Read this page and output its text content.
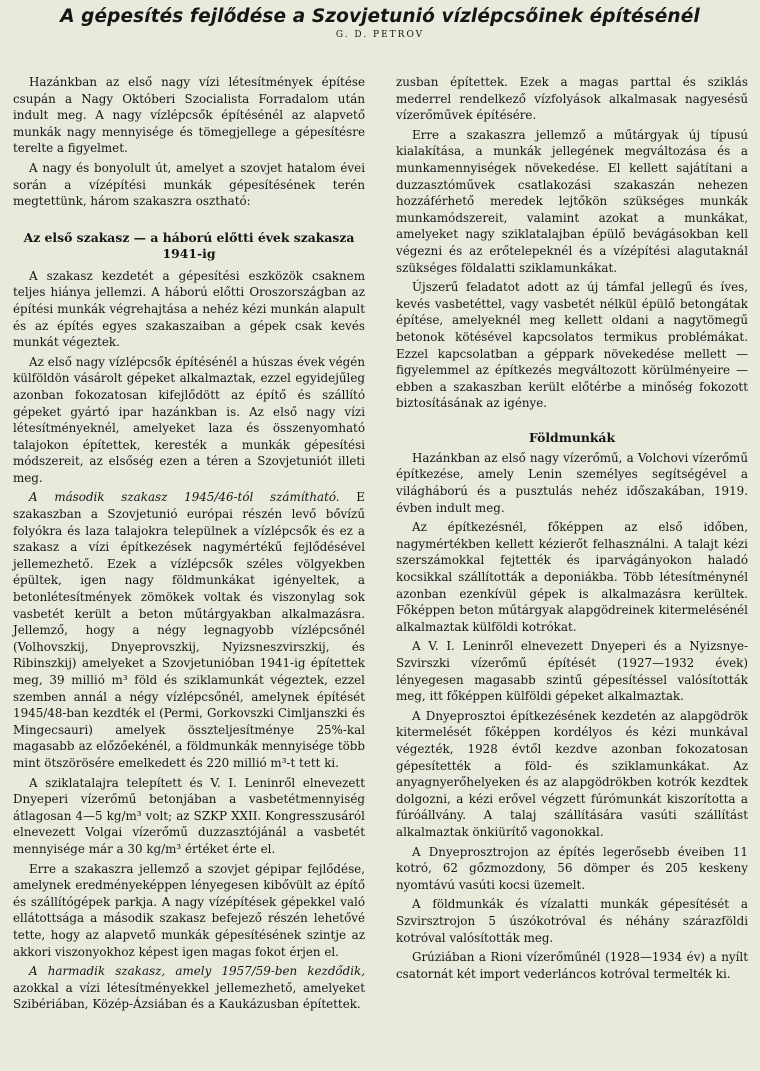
A gépesítés fejlődése a Szovjetunió vízlépcsőinek építésénél
G. D. PETROV

Hazánkban az első nagy vízi létesítmények építése csupán a Nagy Októberi Szocialista Forradalom után indult meg. A nagy vízlépcsők építésénél az alapvető munkák nagy mennyisége és tömegjellege a gépesítésre terelte a figyelmet.

A nagy és bonyolult út, amelyet a szovjet hatalom évei során a vízépítési munkák gépesítésének terén megtettünk, három szakaszra osztható:

Az első szakasz — a háború előtti évek szakasza 1941-ig

A szakasz kezdetét a gépesítési eszközök csaknem teljes hiánya jellemzi. A háború előtti Oroszországban az építési munkák végrehajtása a nehéz kézi munkán alapult és az építés egyes szakaszaiban a gépek csak kevés munkát végeztek.

Az első nagy vízlépcsők építésénél a húszas évek végén külföldön vásárolt gépeket alkalmaztak, ezzel egyidejűleg azonban fokozatosan kifejlődött az építő és szállító gépeket gyártó ipar hazánkban is. Az első nagy vízi létesítményeknél, amelyeket laza és összenyomható talajokon építettek, keresték a munkák gépesítési módszereit, az elsőség ezen a téren a Szovjetuniót illeti meg.

A második szakasz 1945/46-tól számítható. E szakaszban a Szovjetunió európai részén levő bővízű folyókra és laza talajokra települnek a vízlépcsők és ez a szakasz a vízi építkezések nagymértékű fejlődésével jellemezhető. Ezek a vízlépcsők széles völgyekben épültek, igen nagy földmunkákat igényeltek, a betonlétesítmények zömökek voltak és viszonylag sok vasbetét került a beton műtárgyakban alkalmazásra. Jellemző, hogy a négy legnagyobb vízlépcsőnél (Volhovszkij, Dnyeprovszkij, Nyizsneszvirszkij, és Ribinszkij) amelyeket a Szovjetunióban 1941-ig építettek meg, 39 millió m³ föld és sziklamunkát végeztek, ezzel szemben annál a négy vízlépcsőnél, amelynek építését 1945/48-ban kezdték el (Permi, Gorkovszki Cimljanszki és Mingecsauri) amelyek összteljesítménye 25%-kal magasabb az előzőekénél, a földmunkák mennyisége több mint ötszörösére emelkedett és 220 millió m³-t tett ki.

A sziklatalajra telepített és V. I. Leninről elnevezett Dnyeperi vízerőmű betonjában a vasbetétmennyiség átlagosan 4—5 kg/m³ volt; az SZKP XXII. Kongresszusáról elnevezett Volgai vízerőmű duzzasztójánál a vasbetét mennyisége már a 30 kg/m³ értéket érte el.

Erre a szakaszra jellemző a szovjet gépipar fejlődése, amelynek eredményeképpen lényegesen kibővült az építő és szállítógépek parkja. A nagy vízépítések gépekkel való ellátottsága a második szakasz befejező részén lehetővé tette, hogy az alapvető munkák gépesítésének szintje az akkori viszonyokhoz képest igen magas fokot érjen el.

A harmadik szakasz, amely 1957/59-ben kezdődik, azokkal a vízi létesítményekkel jellemezhető, amelyeket Szibériában, Közép-Ázsiában és a Kaukázusban építettek.

zusban építettek. Ezek a magas parttal és sziklás mederrel rendelkező vízfolyások alkalmasak nagyesésű vízerőművek építésére.

Erre a szakaszra jellemző a műtárgyak új típusú kialakítása, a munkák jellegének megváltozása és a munkamennyiségek növekedése. El kellett sajátítani a duzzasztóművek csatlakozási szakaszán nehezen hozzáférhető meredek lejtőkön szükséges munkák munkamódszereit, valamint azokat a munkákat, amelyeket nagy sziklatalajban épülő bevágásokban kell végezni és az erőtelepeknél és a vízépítési alagutaknál szükséges földalatti sziklamunkákat.

Újszerű feladatot adott az új támfal jellegű és íves, kevés vasbetéttel, vagy vasbetét nélkül épülő betongátak építése, amelyeknél meg kellett oldani a nagytömegű betonok kötésével kapcsolatos termikus problémákat. Ezzel kapcsolatban a géppark növekedése mellett — figyelemmel az építkezés megváltozott körülményeire — ebben a szakaszban került előtérbe a minőség fokozott biztosításának az igénye.

Földmunkák

Hazánkban az első nagy vízerőmű, a Volchovi vízerőmű építkezése, amely Lenin személyes segítségével a világháború és a pusztulás nehéz időszakában, 1919. évben indult meg.

Az építkezésnél, főképpen az első időben, nagymértékben kellett kézierőt felhasználni. A talajt kézi szerszámokkal fejtették és iparvágányokon haladó kocsikkal szállították a deponiákba. Több létesítménynél azonban ezenkívül gépek is alkalmazásra kerültek. Főképpen beton műtárgyak alapgödreinek kitermelésénél alkalmaztak külföldi kotrókat.

A V. I. Leninről elnevezett Dnyeperi és a Nyizsnye-Szvirszki vízerőmű építését (1927—1932 évek) lényegesen magasabb szintű gépesítéssel valósították meg, itt főképpen külföldi gépeket alkalmaztak.

A Dnyeprosztoi építkezésének kezdetén az alapgödrök kitermelését főképpen kordélyos és kézi munkával végezték, 1928 évtől kezdve azonban fokozatosan gépesítették a föld- és sziklamunkákat. Az anyagnyerőhelyeken és az alapgödrökben kotrók kezdtek dolgozni, a kézi erővel végzett fúrómunkát kiszorította a fúróállvány. A talaj szállítására vasúti szállítást alkalmaztak önkiürítő vagonokkal.

A Dnyeprosztrojon az építés legerősebb éveiben 11 kotró, 62 gőzmozdony, 56 dömper és 205 keskeny nyomtávú vasúti kocsi üzemelt.

A földmunkák és vízalatti munkák gépesítését a Szvirsztrojon 5 úszókotróval és néhány szárazföldi kotróval valósították meg.

Grúziában a Rioni vízerőműnél (1928—1934 év) a nyílt csatornát két import vederláncos kotróval termelték ki.
